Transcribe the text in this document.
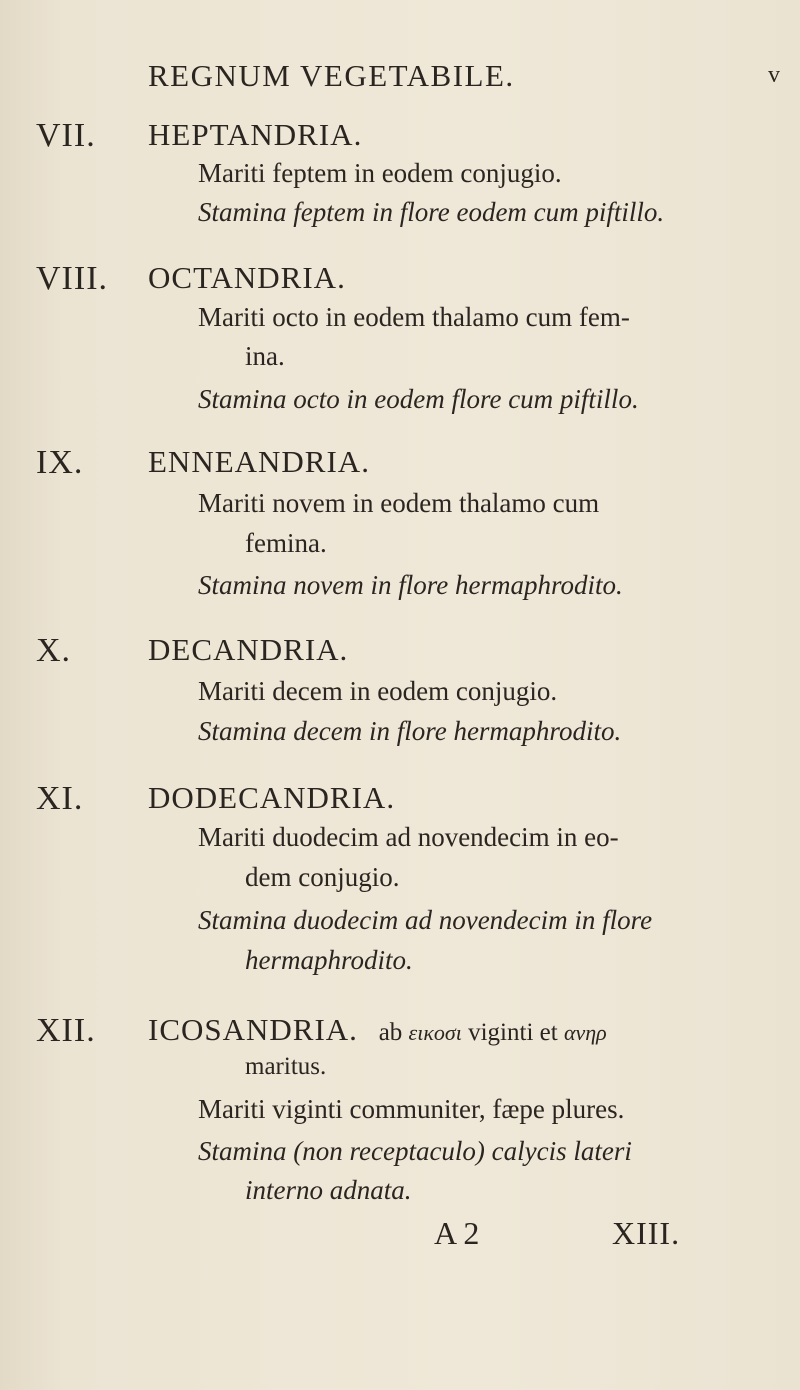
REGNUM VEGETABILE.	v
VII. HEPTANDRIA.
Mariti feptem in eodem conjugio.
Stamina feptem in flore eodem cum piftillo.
VIII. OCTANDRIA.
Mariti octo in eodem thalamo cum fem-
ina.
Stamina octo in eodem flore cum piftillo.
IX. ENNEANDRIA.
Mariti novem in eodem thalamo cum
femina.
Stamina novem in flore hermaphrodito.
X. DECANDRIA.
Mariti decem in eodem conjugio.
Stamina decem in flore hermaphrodito.
XI. DODECANDRIA.
Mariti duodecim ad novendecim in eo-
dem conjugio.
Stamina duodecim ad novendecim in flore
hermaphrodito.
XII. ICOSANDRIA. ab εικοσι viginti et ανηρ
maritus.
Mariti viginti communiter, fæpe plures.
Stamina (non receptaculo) calycis lateri
interno adnata.
A 2	XIII.
